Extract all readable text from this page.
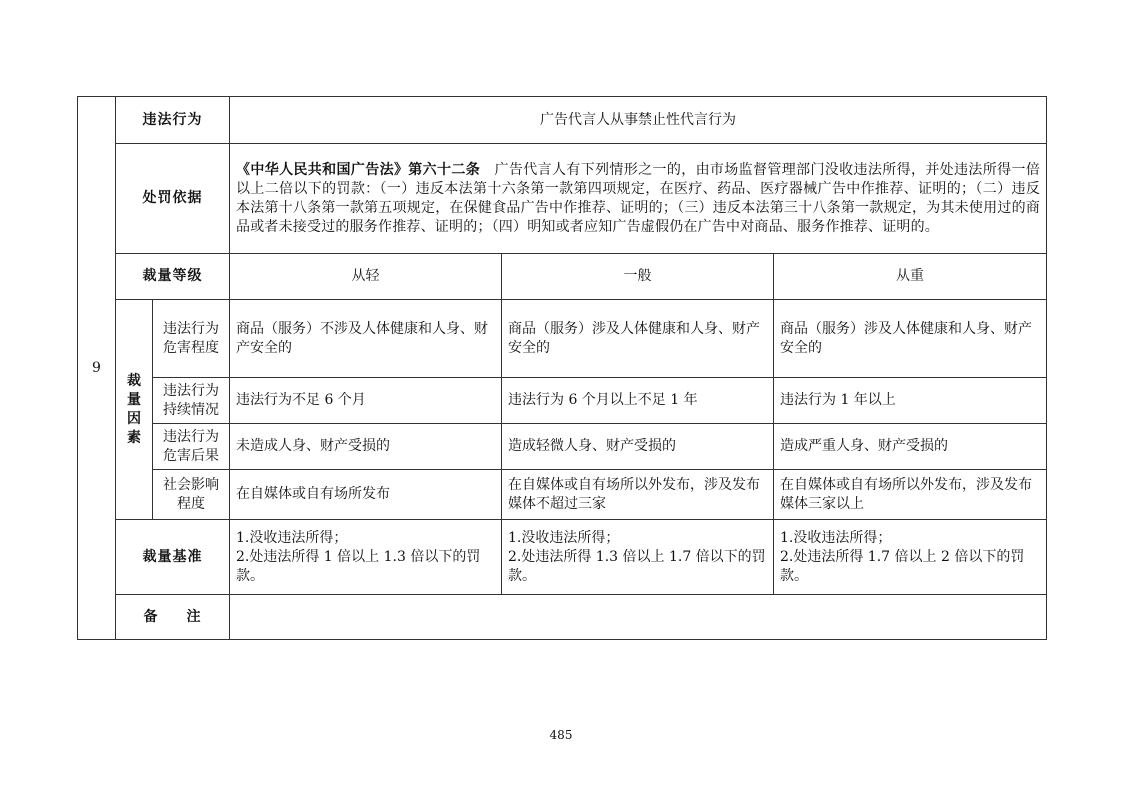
9	违法行为		广告代言人从事禁止性代言行为		
	处罚依据		《中华人民共和国广告法》第六十二条 广告代言人有下列情形之一的，由市场监督管理部门没收违法所得，并处违法所得一倍以上二倍以下的罚款：（一）违反本法第十六条第一款第四项规定，在医疗、药品、医疗器械广告中作推荐、证明的；（二）违反本法第十八条第一款第五项规定，在保健食品广告中作推荐、证明的；（三）违反本法第三十八条第一款规定，为其未使用过的商品或者未接受过的服务作推荐、证明的；（四）明知或者应知广告虚假仍在广告中对商品、服务作推荐、证明的。		
	裁量等级		从轻	一般	从重

	裁
量
因
素	违法行为危害程度	商品（服务）不涉及人体健康和人身、财产安全的	商品（服务）涉及人体健康和人身、财产安全的	商品（服务）涉及人体健康和人身、财产安全的
		违法行为持续情况	违法行为不足 6 个月	违法行为 6 个月以上不足 1 年	违法行为 1 年以上
		违法行为危害后果	未造成人身、财产受损的	造成轻微人身、财产受损的	造成严重人身、财产受损的
		社会影响程度	在自媒体或自有场所发布	在自媒体或自有场所以外发布，涉及发布媒体不超过三家	在自媒体或自有场所以外发布，涉及发布媒体三家以上
	裁量基准		1.没收违法所得；
2.处违法所得 1 倍以上 1.3 倍以下的罚款。	1.没收违法所得；
2.处违法所得 1.3 倍以上 1.7 倍以下的罚款。	1.没收违法所得；
2.处违法所得 1.7 倍以上 2 倍以下的罚款。

	备 注				
485
